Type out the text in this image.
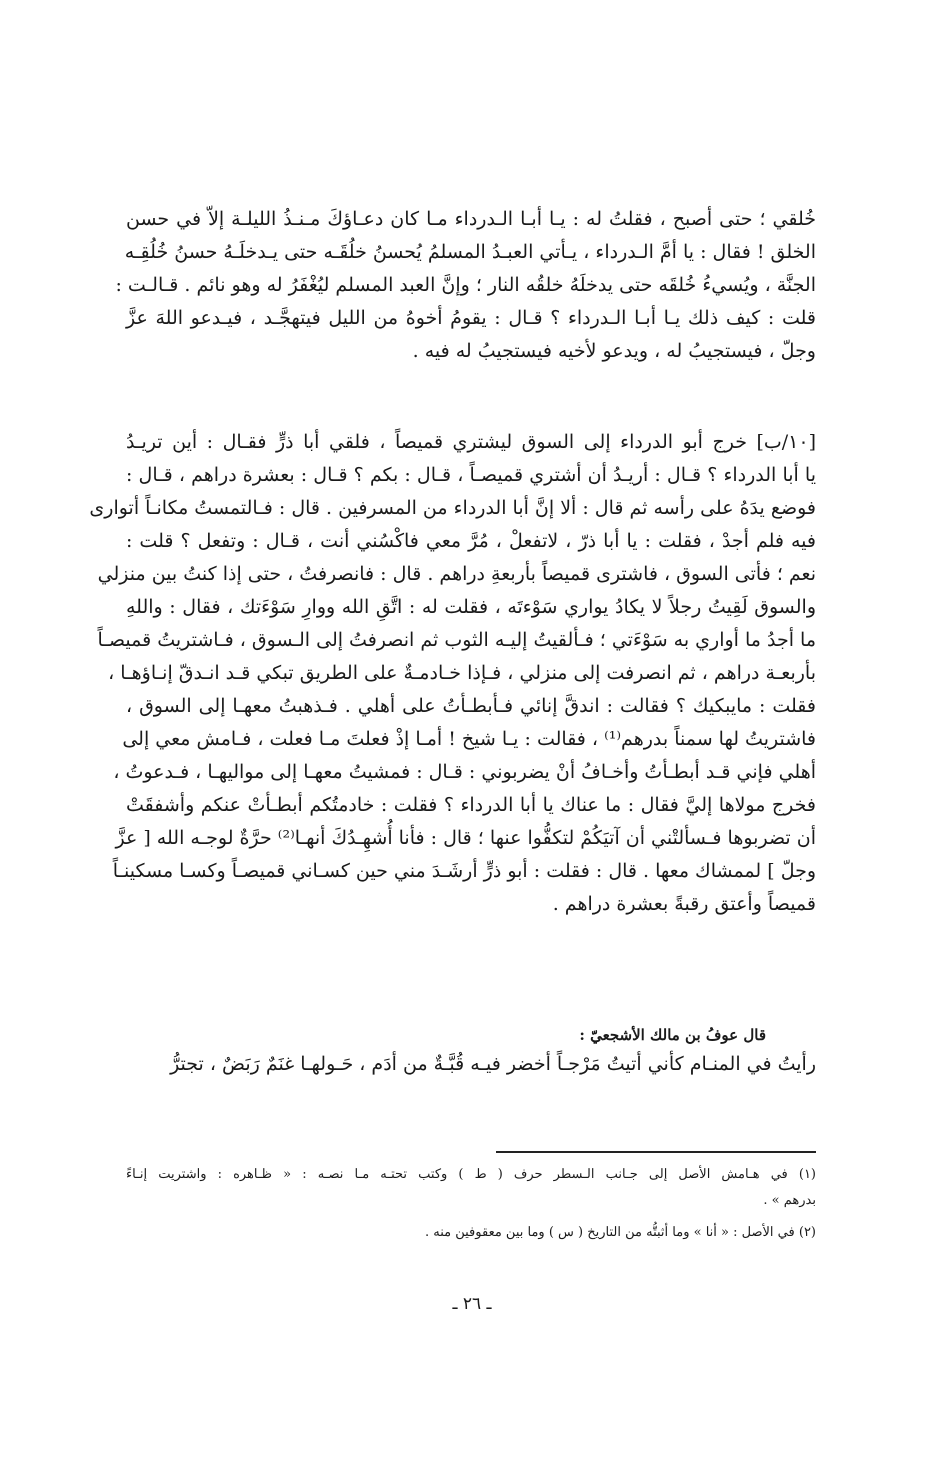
خُلقي ؛ حتى أصبح ، فقلتُ له : يـا أبـا الـدرداء مـا كان دعـاؤكَ مـنـذُ الليلـة إلاّ في حسن
الخلق ! فقال : يا أمَّ الـدرداء ، يـأتي العبـدُ المسلمُ يُحسنُ خلُقَـه حتى يـدخلَـهُ حسنُ خُلُقِـه
الجنَّة ، ويُسيءُ خُلقَه حتى يدخلَهُ خلقُه النار ؛ وإنَّ العبد المسلم ليُغْفَرُ له وهو نائم . قـالـت :
قلت : كيف ذلك يـا أبـا الـدرداء ؟ قـال : يقومُ أخوهُ من الليل فيتهجَّـد ، فيـدعو اللهَ عزَّ
وجلّ ، فيستجيبُ له ، ويدعو لأخيه فيستجيبُ له فيه .
[١٠/ب] خرج أبو الدرداء إلى السوق ليشتري قميصاً ، فلقي أبا ذرٍّ فقـال : أين تريـدُ
يا أبا الدرداء ؟ قـال : أريـدُ أن أشتري قميصـاً ، قـال : بكم ؟ قـال : بعشرة دراهم ، قـال :
فوضع يدَهُ على رأسه ثم قال : ألا إنَّ أبا الدرداء من المسرفين . قال : فـالتمستُ مكانـاً أتوارى
فيه فلم أجدْ ، فقلت : يا أبا ذرّ ، لاتفعلْ ، مُرَّ معي فاكْسُني أنت ، قـال : وتفعل ؟ قلت :
نعم ؛ فأتى السوق ، فاشترى قميصاً بأربعةِ دراهم . قال : فانصرفتُ ، حتى إذا كنتُ بين منزلي
والسوق لَقِيتُ رجلاً لا يكادُ يواري سَوْءتَه ، فقلت له : اتَّقِ الله ووارِ سَوْءَتك ، فقال : واللهِ
ما أجدُ ما أواري به سَوْءَتي ؛ فـألقيتُ إليـه الثوب ثم انصرفتُ إلى الـسوق ، فـاشتريتُ قميصـاً
بأربعـة دراهم ، ثم انصرفت إلى منزلي ، فـإذا خـادمـةٌ على الطريق تبكي قـد انـدقّ إنـاؤهـا ،
فقلت : مايبكيك ؟ فقالت : اندقَّ إنائي فـأبطـأتُ على أهلي . فـذهبتُ معهـا إلى السوق ،
فاشتريتُ لها سمناً بدرهم⁽¹⁾ ، فقالت : يـا شيخ ! أمـا إذْ فعلتَ مـا فعلت ، فـامش معي إلى
أهلي فإني قـد أبطـأتُ وأخـافُ أنْ يضربوني : قـال : فمشيتُ معهـا إلى مواليهـا ، فـدعوتُ ،
فخرج مولاها إليَّ فقال : ما عناك يا أبا الدرداء ؟ فقلت : خادمتُكم أبطـأتْ عنكم وأشفقَتْ
أن تضربوها فـسألتْني أن آتيَكُمْ لتكفُّوا عنها ؛ قال : فأنا أُشهِـدُكَ أنهـا⁽²⁾ حرَّةٌ لوجـه الله [ عزَّ
وجلّ ] لممشاك معها . قال : فقلت : أبو ذرٍّ أرشَـدَ مني حين كسـاني قميصـاً وكسـا مسكينـاً
قميصاً وأعتق رقبةً بعشرة دراهم .
قال عوفُ بن مالك الأشجعيّ :
رأيتُ في المنـام كأني أتيتُ مَرْجـاً أخضر فيـه قُبَّـةٌ من أدَم ، حَـولهـا غنَمٌ رَبَضٌ ، تجترُّ
(١) في هـامش الأصل إلى جـانب الـسطر حرف ( ط ) وكتب تحتـه مـا نصـه : « ظـاهره : واشتريت إنـاءً
بدرهم » .
(٢) في الأصل : « أنا » وما أثبتُّه من التاريخ ( س ) وما بين معقوفين منه .
ـ ٢٦ ـ
